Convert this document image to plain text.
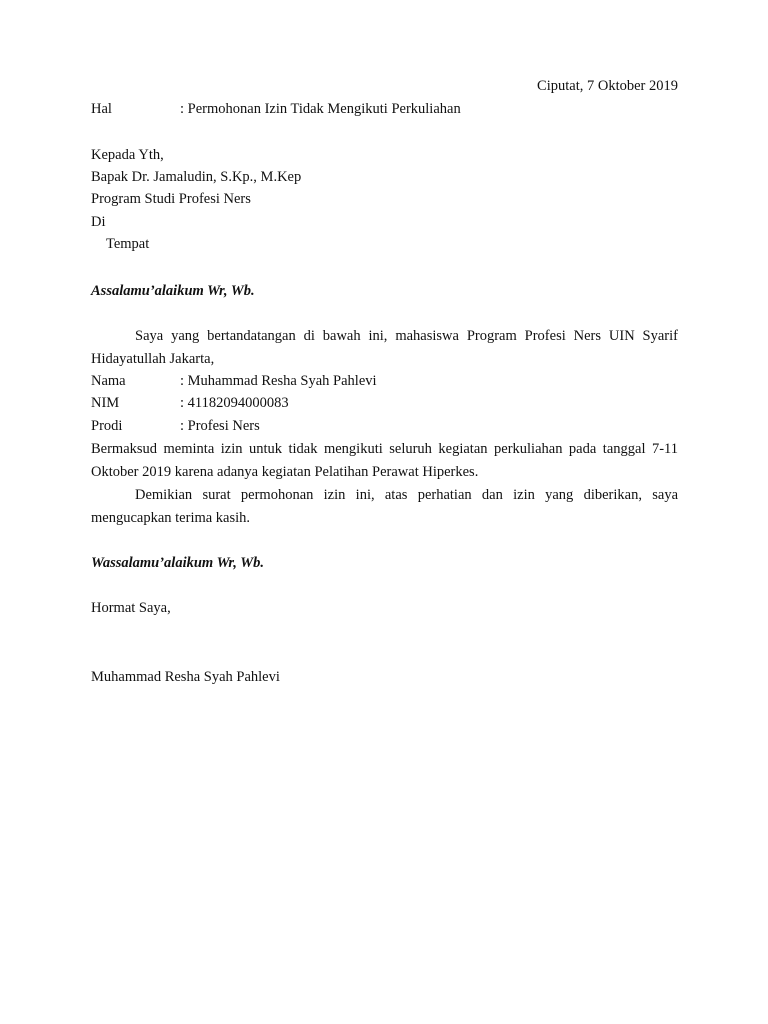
Ciputat, 7 Oktober 2019
Hal	: Permohonan Izin Tidak Mengikuti Perkuliahan
Kepada Yth,
Bapak Dr. Jamaludin, S.Kp., M.Kep
Program Studi Profesi Ners
Di
Tempat
Assalamu’alaikum Wr, Wb.
Saya yang bertandatangan di bawah ini, mahasiswa Program Profesi Ners UIN Syarif
Hidayatullah Jakarta,
Nama	: Muhammad Resha Syah Pahlevi
NIM	: 41182094000083
Prodi	: Profesi Ners
Bermaksud meminta izin untuk tidak mengikuti seluruh kegiatan perkuliahan pada tanggal 7-11
Oktober 2019 karena adanya kegiatan Pelatihan Perawat Hiperkes.
Demikian surat permohonan izin ini, atas perhatian dan izin yang diberikan, saya
mengucapkan terima kasih.
Wassalamu’alaikum Wr, Wb.
Hormat Saya,
Muhammad Resha Syah Pahlevi
